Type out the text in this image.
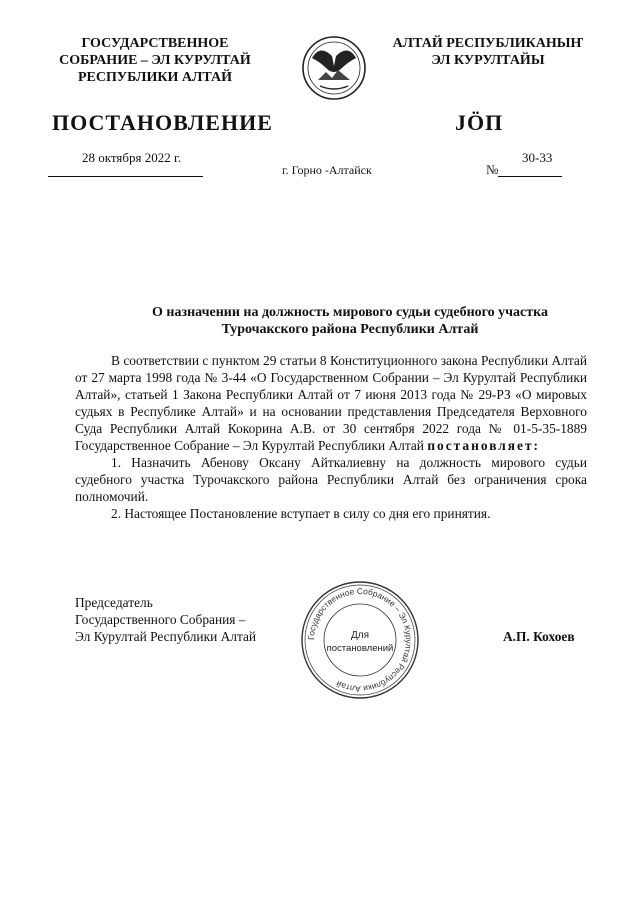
ГОСУДАРСТВЕННОЕ
СОБРАНИЕ – ЭЛ КУРУЛТАЙ
РЕСПУБЛИКИ АЛТАЙ
АЛТАЙ РЕСПУБЛИКАНЫҤ
ЭЛ КУРУЛТАЙЫ
ПОСТАНОВЛЕНИЕ	JÖП
28 октября 2022 г.
г. Горно -Алтайск
30-33
№
О назначении на должность мирового судьи судебного участка
Турочакского района Республики Алтай
В соответствии с пунктом 29 статьи 8 Конституционного закона Республики Алтай от 27 марта 1998 года № 3-44 «О Государственном Собрании – Эл Курултай Республики Алтай», статьей 1 Закона Республики Алтай от 7 июня 2013 года № 29-РЗ «О мировых судьях в Республике Алтай» и на основании представления Председателя Верховного Суда Республики Алтай Кокорина А.В. от 30 сентября 2022 года № 01-5-35-1889 Государственное Собрание – Эл Курултай Республики Алтай постановляет:
1. Назначить Абенову Оксану Айткалиевну на должность мирового судьи судебного участка Турочакского района Республики Алтай без ограничения срока полномочий.
2. Настоящее Постановление вступает в силу со дня его принятия.
Председатель
Государственного Собрания –
Эл Курултай Республики Алтай	Государственное Собрание – Эл Курултай Республики Алтай
Для
постановлений
А.П. Кохоев
